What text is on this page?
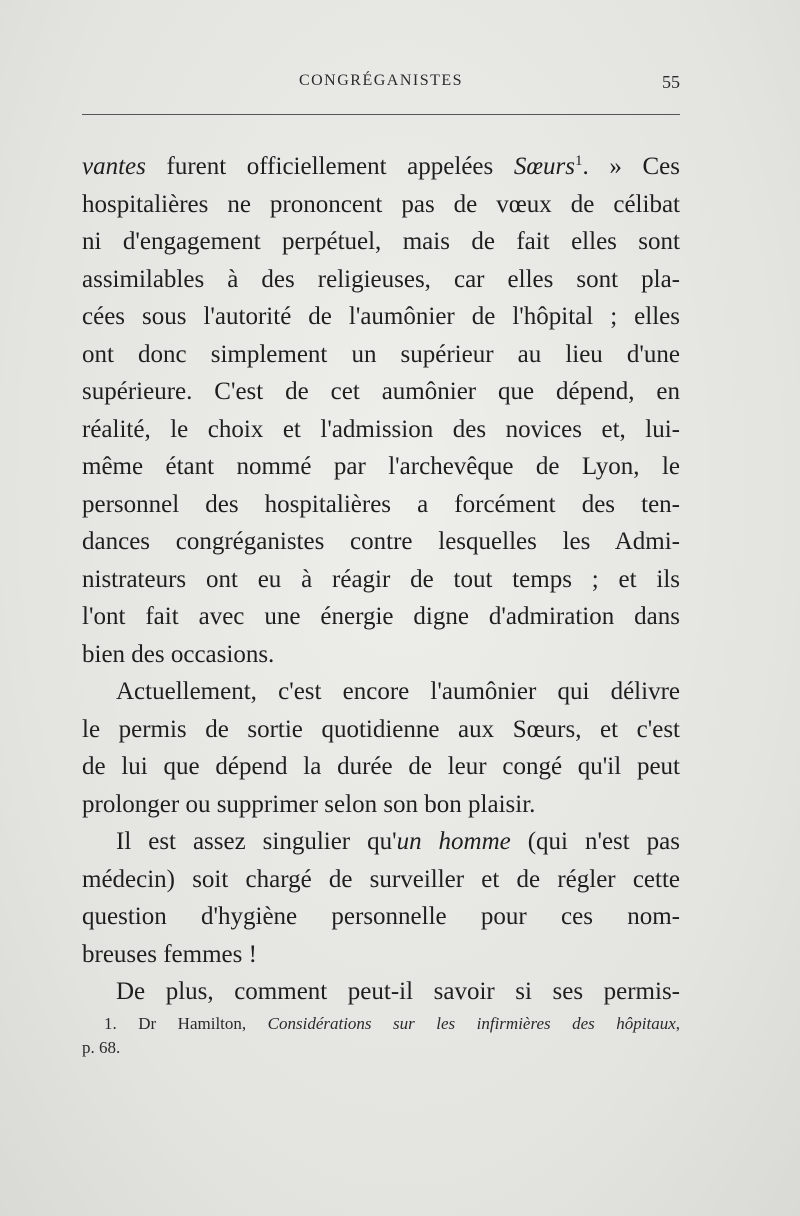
CONGRÉGANISTES	55

vantes furent officiellement appelées Sœurs$^1$. » Ces
hospitalières ne prononcent pas de vœux de célibat
ni d'engagement perpétuel, mais de fait elles sont
assimilables à des religieuses, car elles sont pla-
cées sous l'autorité de l'aumônier de l'hôpital ; elles
ont donc simplement un supérieur au lieu d'une
supérieure. C'est de cet aumônier que dépend, en
réalité, le choix et l'admission des novices et, lui-
même étant nommé par l'archevêque de Lyon, le
personnel des hospitalières a forcément des ten-
dances congréganistes contre lesquelles les Admi-
nistrateurs ont eu à réagir de tout temps ; et ils
l'ont fait avec une énergie digne d'admiration dans
bien des occasions.

Actuellement, c'est encore l'aumônier qui délivre
le permis de sortie quotidienne aux Sœurs, et c'est
de lui que dépend la durée de leur congé qu'il peut
prolonger ou supprimer selon son bon plaisir.

Il est assez singulier qu'un homme (qui n'est pas
médecin) soit chargé de surveiller et de régler cette
question d'hygiène personnelle pour ces nom-
breuses femmes !

De plus, comment peut-il savoir si ses permis-

1. Dr Hamilton, Considérations sur les infirmières des hôpitaux,
p. 68.
